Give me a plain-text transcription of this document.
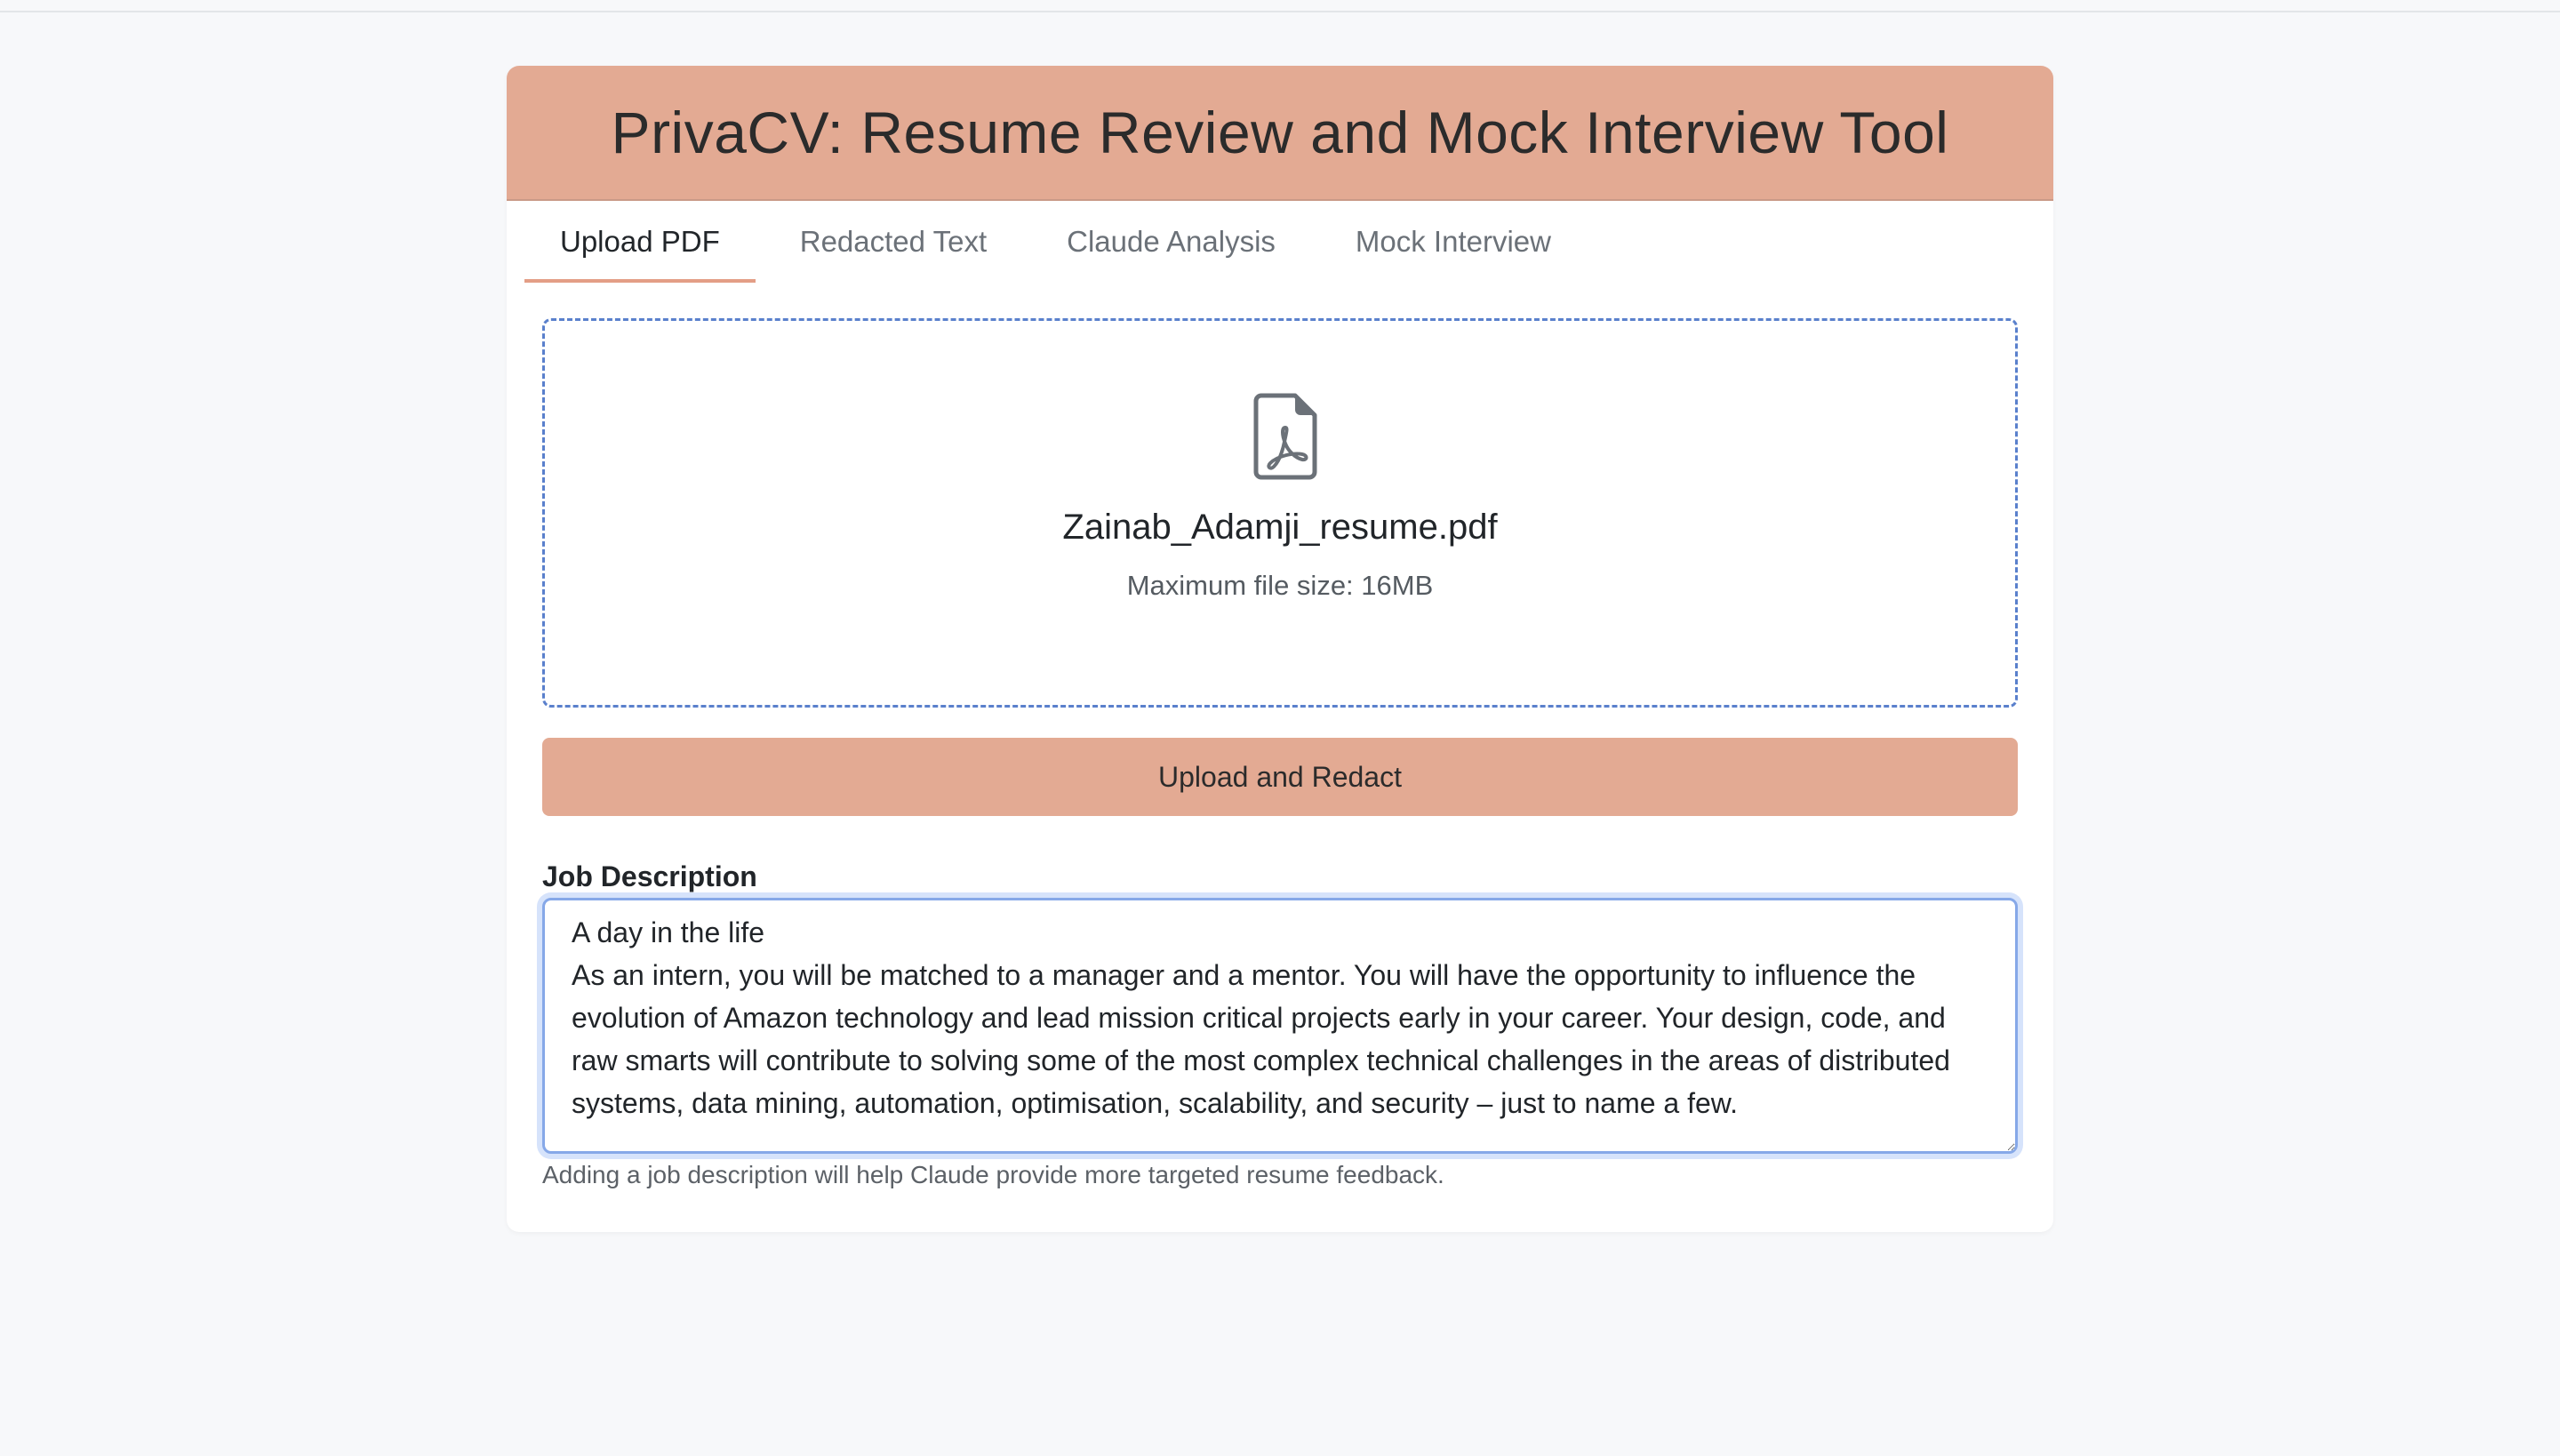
PrivaCV: Resume Review and Mock Interview Tool
Upload PDF	Redacted Text	Claude Analysis	Mock Interview
Zainab_Adamji_resume.pdf
Maximum file size: 16MB
Upload and Redact
Job Description
A day in the life As an intern, you will be matched to a manager and a mentor. You will have the opportunity to influence the evolution of Amazon technology and lead mission critical projects early in your career. Your design, code, and raw smarts will contribute to solving some of the most complex technical challenges in the areas of distributed systems, data mining, automation, optimisation, scalability, and security – just to name a few.
Adding a job description will help Claude provide more targeted resume feedback.
